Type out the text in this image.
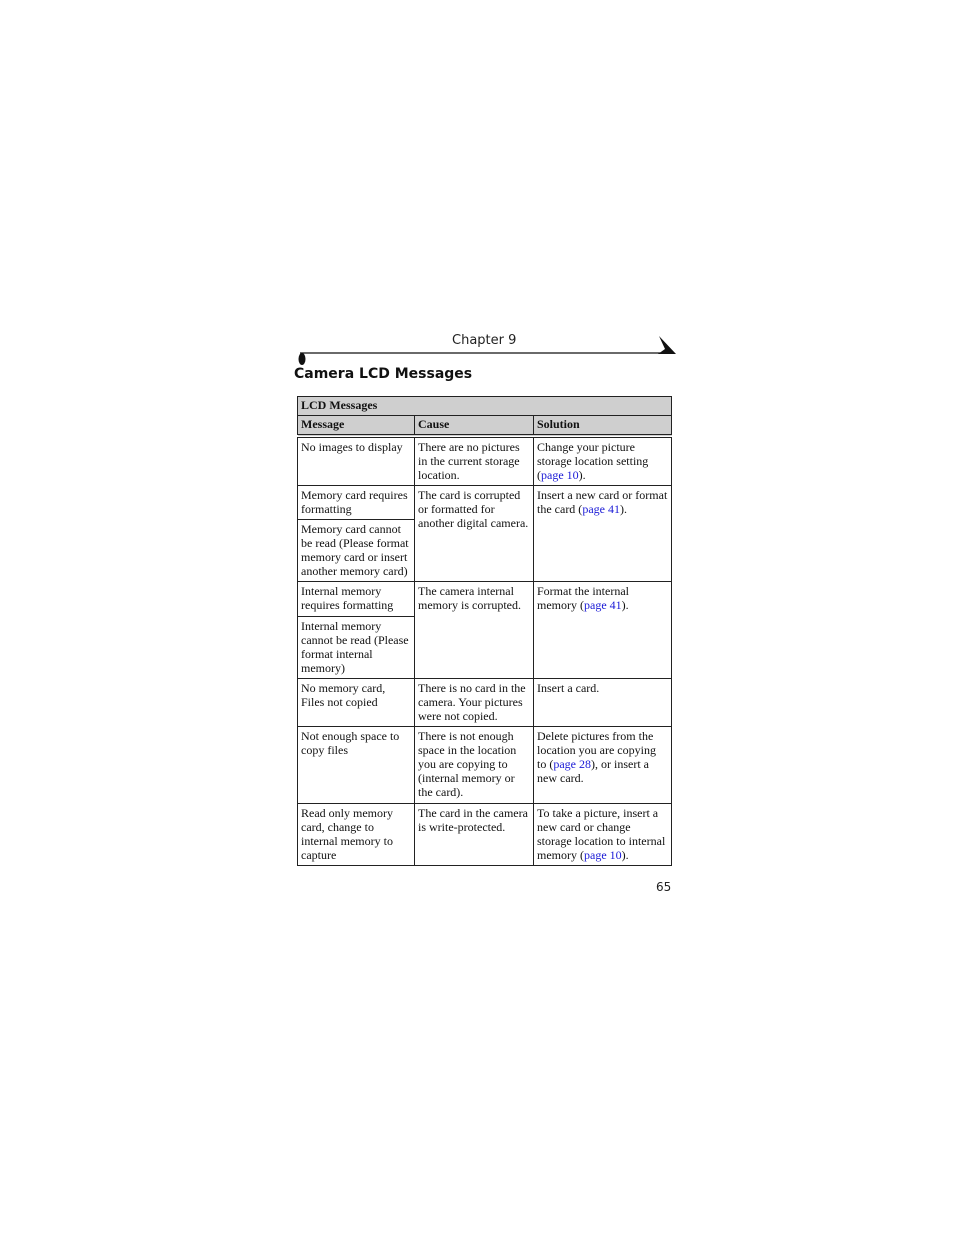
Chapter 9
Camera LCD Messages
LCD Messages		
Message	Cause	Solution
No images to display	There are no pictures in the current storage location.	Change your picture storage location setting (page 10).
Memory card requires formatting	The card is corrupted or formatted for another digital camera.	Insert a new card or format the card (page 41).
Memory card cannot be read (Please format memory card or insert another memory card)		
Internal memory requires formatting	The camera internal memory is corrupted.	Format the internal memory (page 41).
Internal memory cannot be read (Please format internal memory)		
No memory card, Files not copied	There is no card in the camera. Your pictures were not copied.	Insert a card.
Not enough space to copy files	There is not enough space in the location you are copying to (internal memory or the card).	Delete pictures from the location you are copying to (page 28), or insert a new card.
Read only memory card, change to internal memory to capture	The card in the camera is write-protected.	To take a picture, insert a new card or change storage location to internal memory (page 10).
65
